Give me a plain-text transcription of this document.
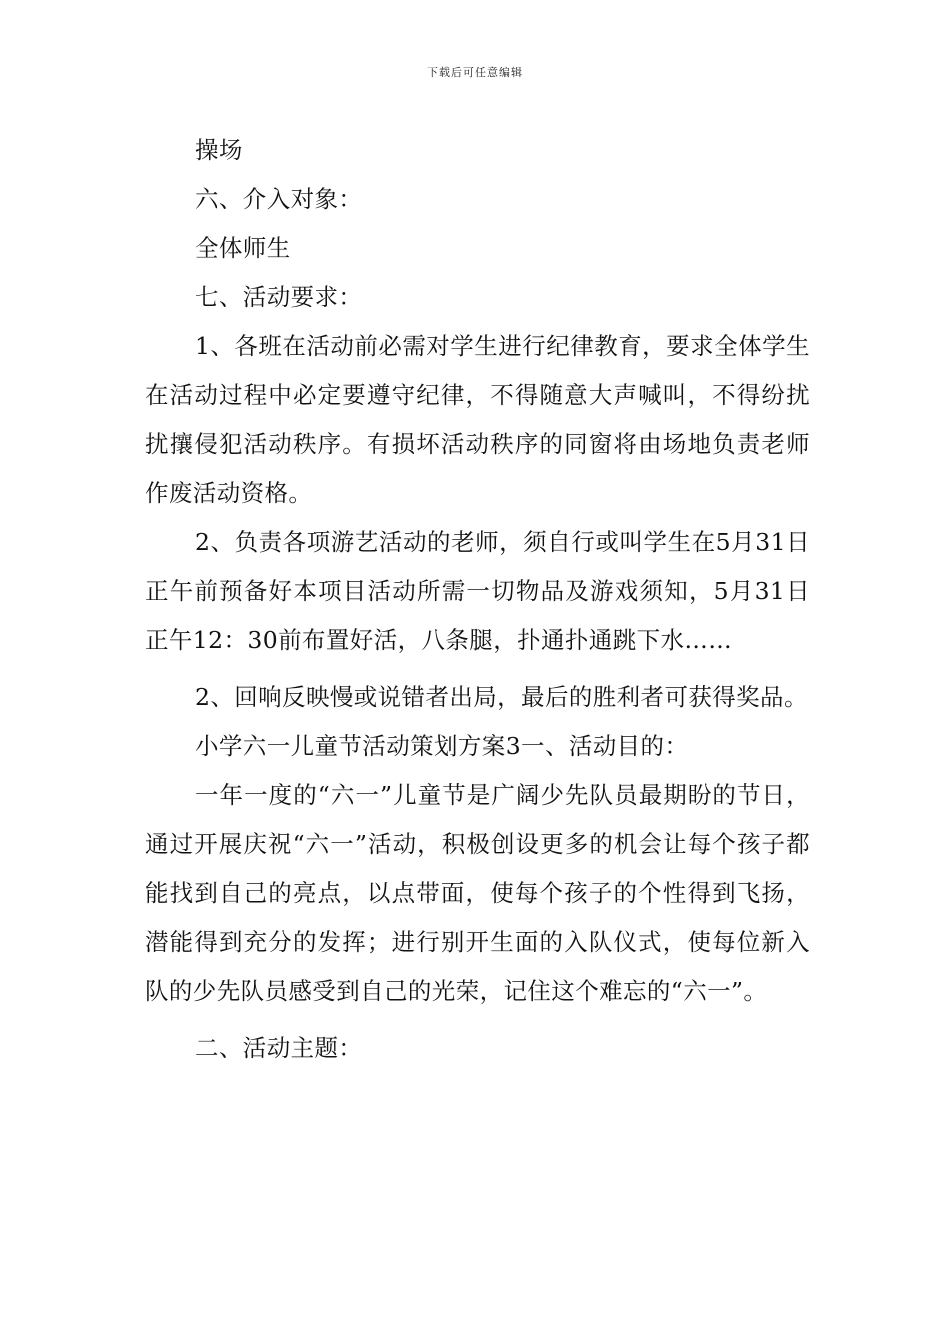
下载后可任意编辑

操场

六、介入对象：

全体师生

七、活动要求：

1、各班在活动前必需对学生进行纪律教育，要求全体学生在活动过程中必定要遵守纪律，不得随意大声喊叫，不得纷扰扰攘侵犯活动秩序。有损坏活动秩序的同窗将由场地负责老师作废活动资格。

2、负责各项游艺活动的老师，须自行或叫学生在5月31日正午前预备好本项目活动所需一切物品及游戏须知，5月31日正午12：30前布置好活，八条腿，扑通扑通跳下水……

2、回响反映慢或说错者出局，最后的胜利者可获得奖品。

小学六一儿童节活动策划方案3一、活动目的：

一年一度的“六一”儿童节是广阔少先队员最期盼的节日，通过开展庆祝“六一”活动，积极创设更多的机会让每个孩子都能找到自己的亮点，以点带面，使每个孩子的个性得到飞扬，潜能得到充分的发挥；进行别开生面的入队仪式，使每位新入队的少先队员感受到自己的光荣，记住这个难忘的“六一”。

二、活动主题：
